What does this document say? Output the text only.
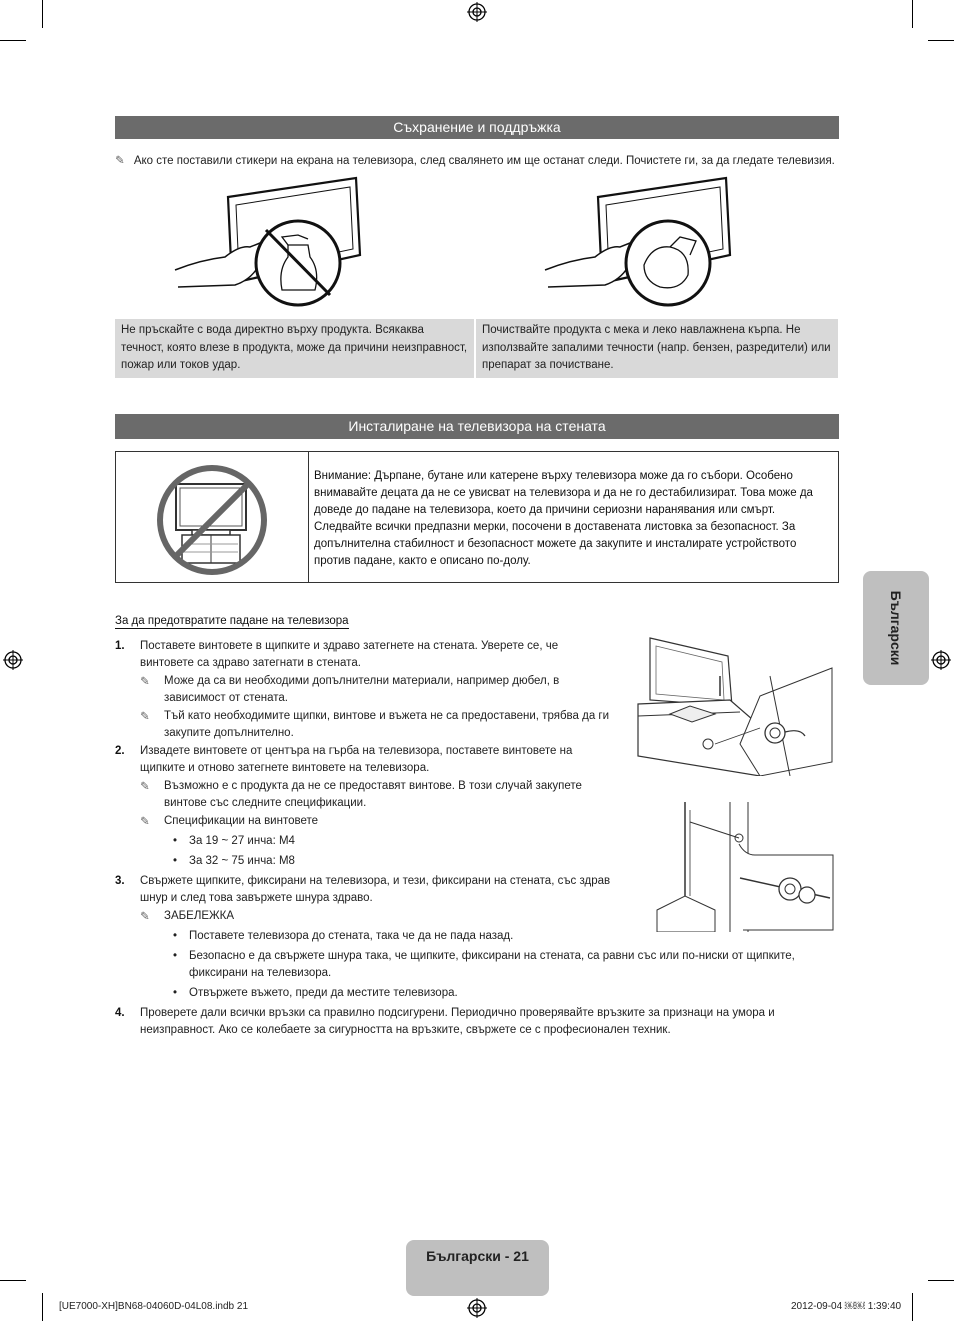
Съхранение и поддръжка
✎ Ако сте поставили стикери на екрана на телевизора, след свалянето им ще останат следи. Почистете ги, за да гледате телевизия.
Не пръскайте с вода директно върху продукта. Всякаква течност, която влезе в продукта, може да причини неизправност, пожар или токов удар.
Почиствайте продукта с мека и леко навлажнена кърпа. Не използвайте запалими течности (напр. бензен, разредители) или препарат за почистване.
Инсталиране на телевизора на стената
Внимание: Дърпане, бутане или катерене върху телевизора може да го събори. Особено внимавайте децата да не се увисват на телевизора и да не го дестабилизират. Това може да доведе до падане на телевизора, което да причини сериозни наранявания или смърт. Следвайте всички предпазни мерки, посочени в доставената листовка за безопасност. За допълнителна стабилност и безопасност можете да закупите и инсталирате устройството против падане, както е описано по-долу.
За да предотвратите падане на телевизора
1. Поставете винтовете в щипките и здраво затегнете на стената. Уверете се, че винтовете са здраво затегнати в стената.
✎ Може да са ви необходими допълнителни материали, например дюбел, в зависимост от стената.
✎ Тъй като необходимите щипки, винтове и въжета не са предоставени, трябва да ги закупите допълнително.
2. Извадете винтовете от центъра на гърба на телевизора, поставете винтовете на щипките и отново затегнете винтовете на телевизора.
✎ Възможно е с продукта да не се предоставят винтове. В този случай закупете винтове със следните спецификации.
✎ Спецификации на винтовете
• За 19 ~ 27 инча: M4
• За 32 ~ 75 инча: M8
3. Свържете щипките, фиксирани на телевизора, и тези, фиксирани на стената, със здрав шнур и след това завържете шнура здраво.
✎ ЗАБЕЛЕЖКА
• Поставете телевизора до стената, така че да не пада назад.
• Безопасно е да свържете шнура така, че щипките, фиксирани на стената, са равни със или по-ниски от щипките, фиксирани на телевизора.
• Отвържете въжето, преди да местите телевизора.
4. Проверете дали всички връзки са правилно подсигурени. Периодично проверявайте връзките за признаци на умора и неизправност. Ако се колебаете за сигурността на връзките, свържете се с професионален техник.
Български
Български - 21
[UE7000-XH]BN68-04060D-04L08.indb 21	2012-09-04 ￼￼ 1:39:40
